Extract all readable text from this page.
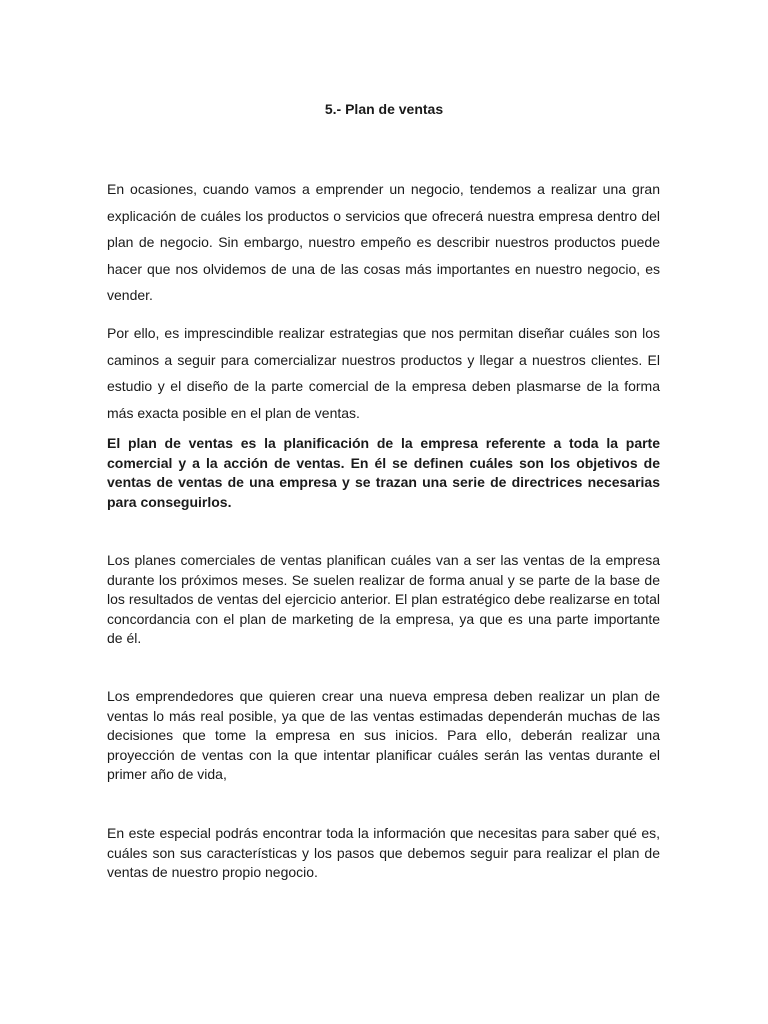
5.- Plan de ventas

En ocasiones, cuando vamos a emprender un negocio, tendemos a realizar una gran explicación de cuáles los productos o servicios que ofrecerá nuestra empresa dentro del plan de negocio. Sin embargo, nuestro empeño es describir nuestros productos puede hacer que nos olvidemos de una de las cosas más importantes en nuestro negocio, es vender.

Por ello, es imprescindible realizar estrategias que nos permitan diseñar cuáles son los caminos a seguir para comercializar nuestros productos y llegar a nuestros clientes. El estudio y el diseño de la parte comercial de la empresa deben plasmarse de la forma más exacta posible en el plan de ventas.

El plan de ventas es la planificación de la empresa referente a toda la parte comercial y a la acción de ventas. En él se definen cuáles son los objetivos de ventas de ventas de una empresa y se trazan una serie de directrices necesarias para conseguirlos.

Los planes comerciales de ventas planifican cuáles van a ser las ventas de la empresa durante los próximos meses. Se suelen realizar de forma anual y se parte de la base de los resultados de ventas del ejercicio anterior. El plan estratégico debe realizarse en total concordancia con el plan de marketing de la empresa, ya que es una parte importante de él.

Los emprendedores que quieren crear una nueva empresa deben realizar un plan de ventas lo más real posible, ya que de las ventas estimadas dependerán muchas de las decisiones que tome la empresa en sus inicios. Para ello, deberán realizar una proyección de ventas con la que intentar planificar cuáles serán las ventas durante el primer año de vida,

En este especial podrás encontrar toda la información que necesitas para saber qué es, cuáles son sus características y los pasos que debemos seguir para realizar el plan de ventas de nuestro propio negocio.
